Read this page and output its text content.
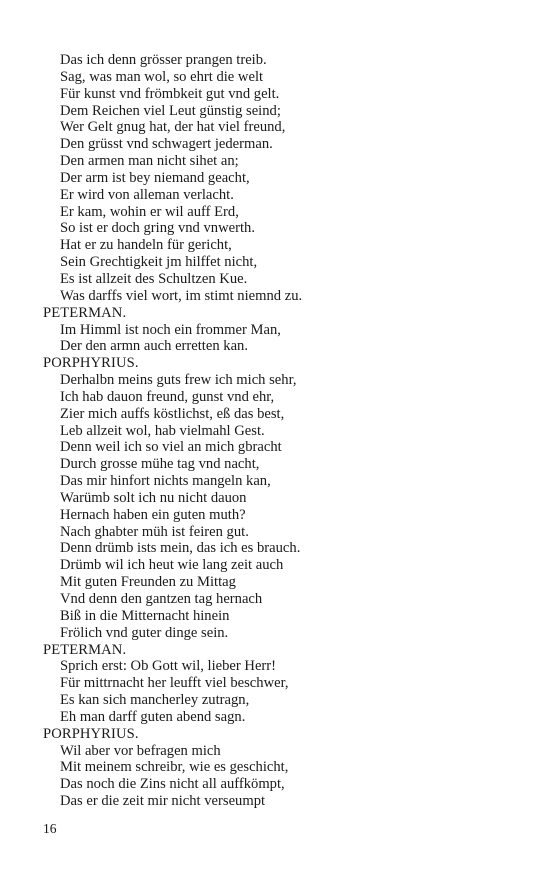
Das ich denn grösser prangen treib.
Sag, was man wol, so ehrt die welt
Für kunst vnd frömbkeit gut vnd gelt.
Dem Reichen viel Leut günstig seind;
Wer Gelt gnug hat, der hat viel freund,
Den grüsst vnd schwagert jederman.
Den armen man nicht sihet an;
Der arm ist bey niemand geacht,
Er wird von alleman verlacht.
Er kam, wohin er wil auff Erd,
So ist er doch gring vnd vnwerth.
Hat er zu handeln für gericht,
Sein Grechtigkeit jm hilffet nicht,
Es ist allzeit des Schultzen Kue.
Was darffs viel wort, im stimt niemnd zu.
PETERMAN.
Im Himml ist noch ein frommer Man,
Der den armn auch erretten kan.
PORPHYRIUS.
Derhalbn meins guts frew ich mich sehr,
Ich hab dauon freund, gunst vnd ehr,
Zier mich auffs köstlichst, eß das best,
Leb allzeit wol, hab vielmahl Gest.
Denn weil ich so viel an mich gbracht
Durch grosse mühe tag vnd nacht,
Das mir hinfort nichts mangeln kan,
Warümb solt ich nu nicht dauon
Hernach haben ein guten muth?
Nach ghabter müh ist feiren gut.
Denn drümb ists mein, das ich es brauch.
Drümb wil ich heut wie lang zeit auch
Mit guten Freunden zu Mittag
Vnd denn den gantzen tag hernach
Biß in die Mitternacht hinein
Frölich vnd guter dinge sein.
PETERMAN.
Sprich erst: Ob Gott wil, lieber Herr!
Für mittrnacht her leufft viel beschwer,
Es kan sich mancherley zutragn,
Eh man darff guten abend sagn.
PORPHYRIUS.
Wil aber vor befragen mich
Mit meinem schreibr, wie es geschicht,
Das noch die Zins nicht all auffkömpt,
Das er die zeit mir nicht verseumpt
16
